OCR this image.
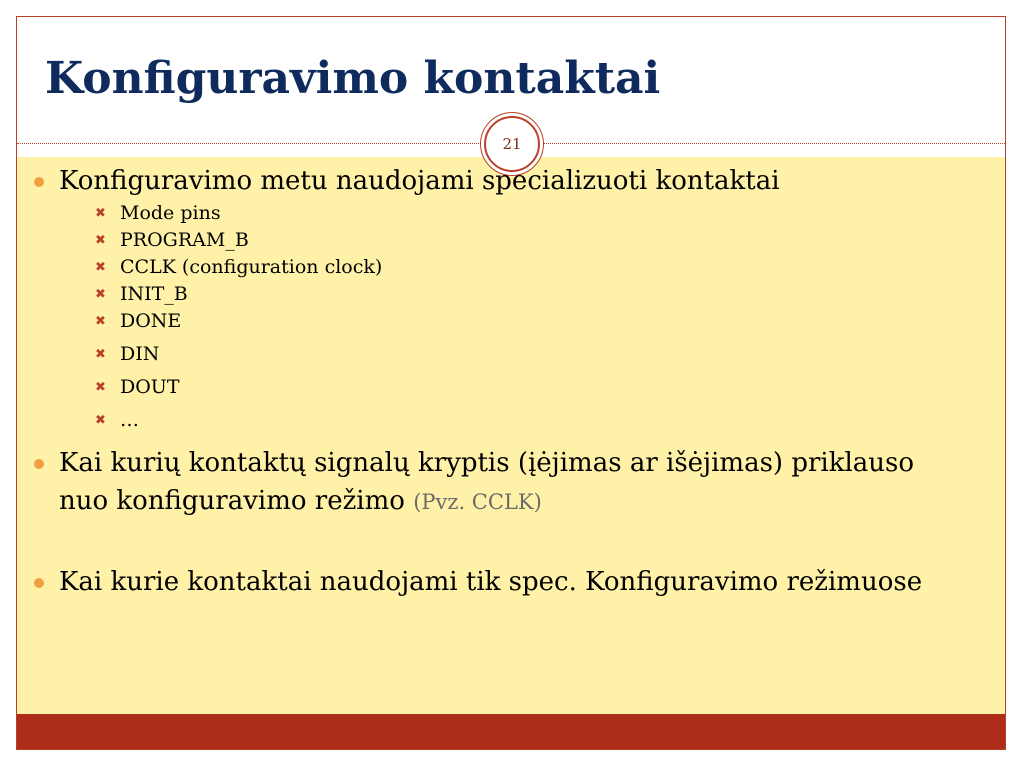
Konfiguravimo kontaktai
21
Konfiguravimo metu naudojami specializuoti kontaktai
✖ Mode pins
✖ PROGRAM_B
✖ CCLK (configuration clock)
✖ INIT_B
✖ DONE
✖ DIN
✖ DOUT
✖ …
Kai kurių kontaktų signalų kryptis (įėjimas ar išėjimas) priklauso nuo konfiguravimo režimo (Pvz. CCLK)
Kai kurie kontaktai naudojami tik spec. Konfiguravimo režimuose
